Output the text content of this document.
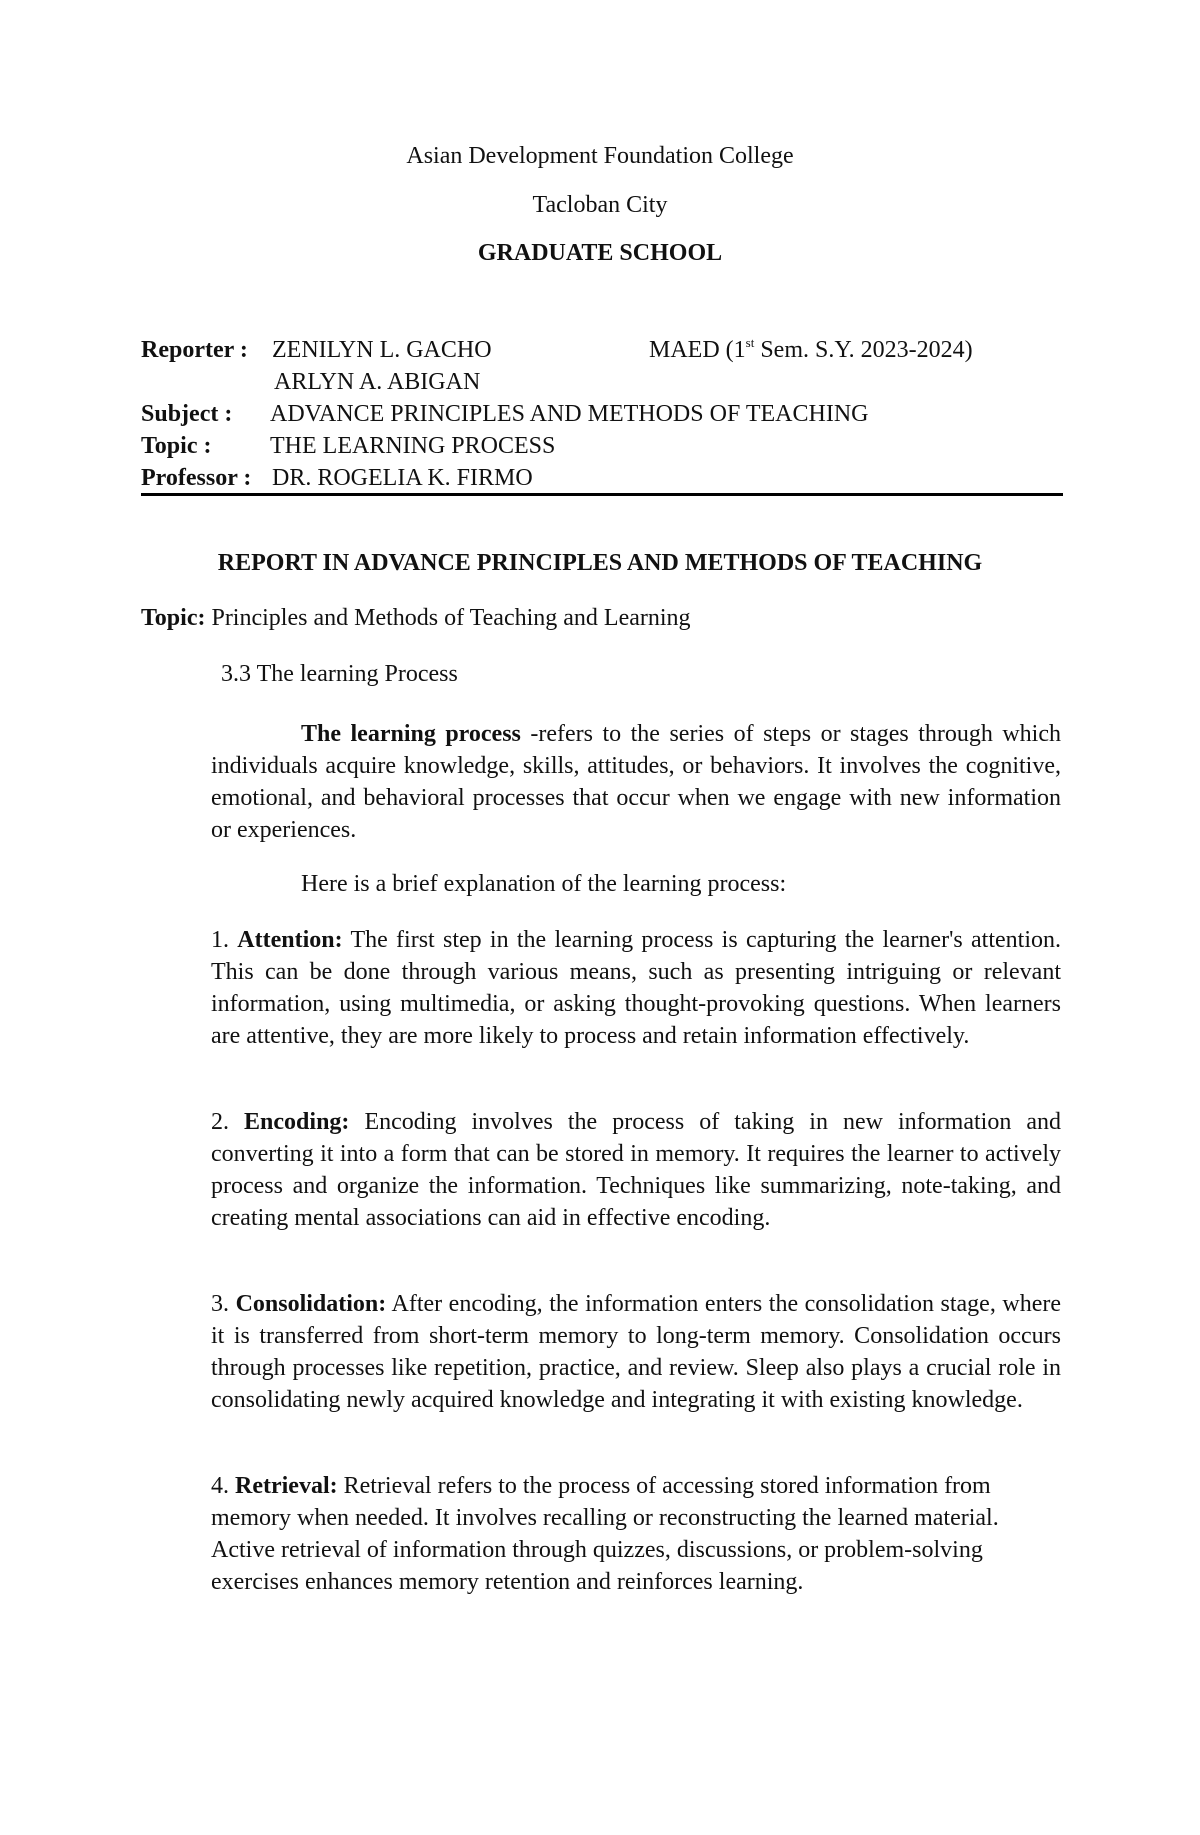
Asian Development Foundation College
Tacloban City
GRADUATE SCHOOL
Reporter : ZENILYN L. GACHO	MAED (1st Sem. S.Y. 2023-2024)
ARLYN A. ABIGAN
Subject : ADVANCE PRINCIPLES AND METHODS OF TEACHING
Topic : THE LEARNING PROCESS
Professor : DR. ROGELIA K. FIRMO
REPORT IN ADVANCE PRINCIPLES AND METHODS OF TEACHING
Topic: Principles and Methods of Teaching and Learning
3.3 The learning Process
The learning process -refers to the series of steps or stages through which individuals acquire knowledge, skills, attitudes, or behaviors. It involves the cognitive, emotional, and behavioral processes that occur when we engage with new information or experiences.
Here is a brief explanation of the learning process:
1. Attention: The first step in the learning process is capturing the learner's attention. This can be done through various means, such as presenting intriguing or relevant information, using multimedia, or asking thought-provoking questions. When learners are attentive, they are more likely to process and retain information effectively.
2. Encoding: Encoding involves the process of taking in new information and converting it into a form that can be stored in memory. It requires the learner to actively process and organize the information. Techniques like summarizing, note-taking, and creating mental associations can aid in effective encoding.
3. Consolidation: After encoding, the information enters the consolidation stage, where it is transferred from short-term memory to long-term memory. Consolidation occurs through processes like repetition, practice, and review. Sleep also plays a crucial role in consolidating newly acquired knowledge and integrating it with existing knowledge.
4. Retrieval: Retrieval refers to the process of accessing stored information from memory when needed. It involves recalling or reconstructing the learned material. Active retrieval of information through quizzes, discussions, or problem-solving exercises enhances memory retention and reinforces learning.
